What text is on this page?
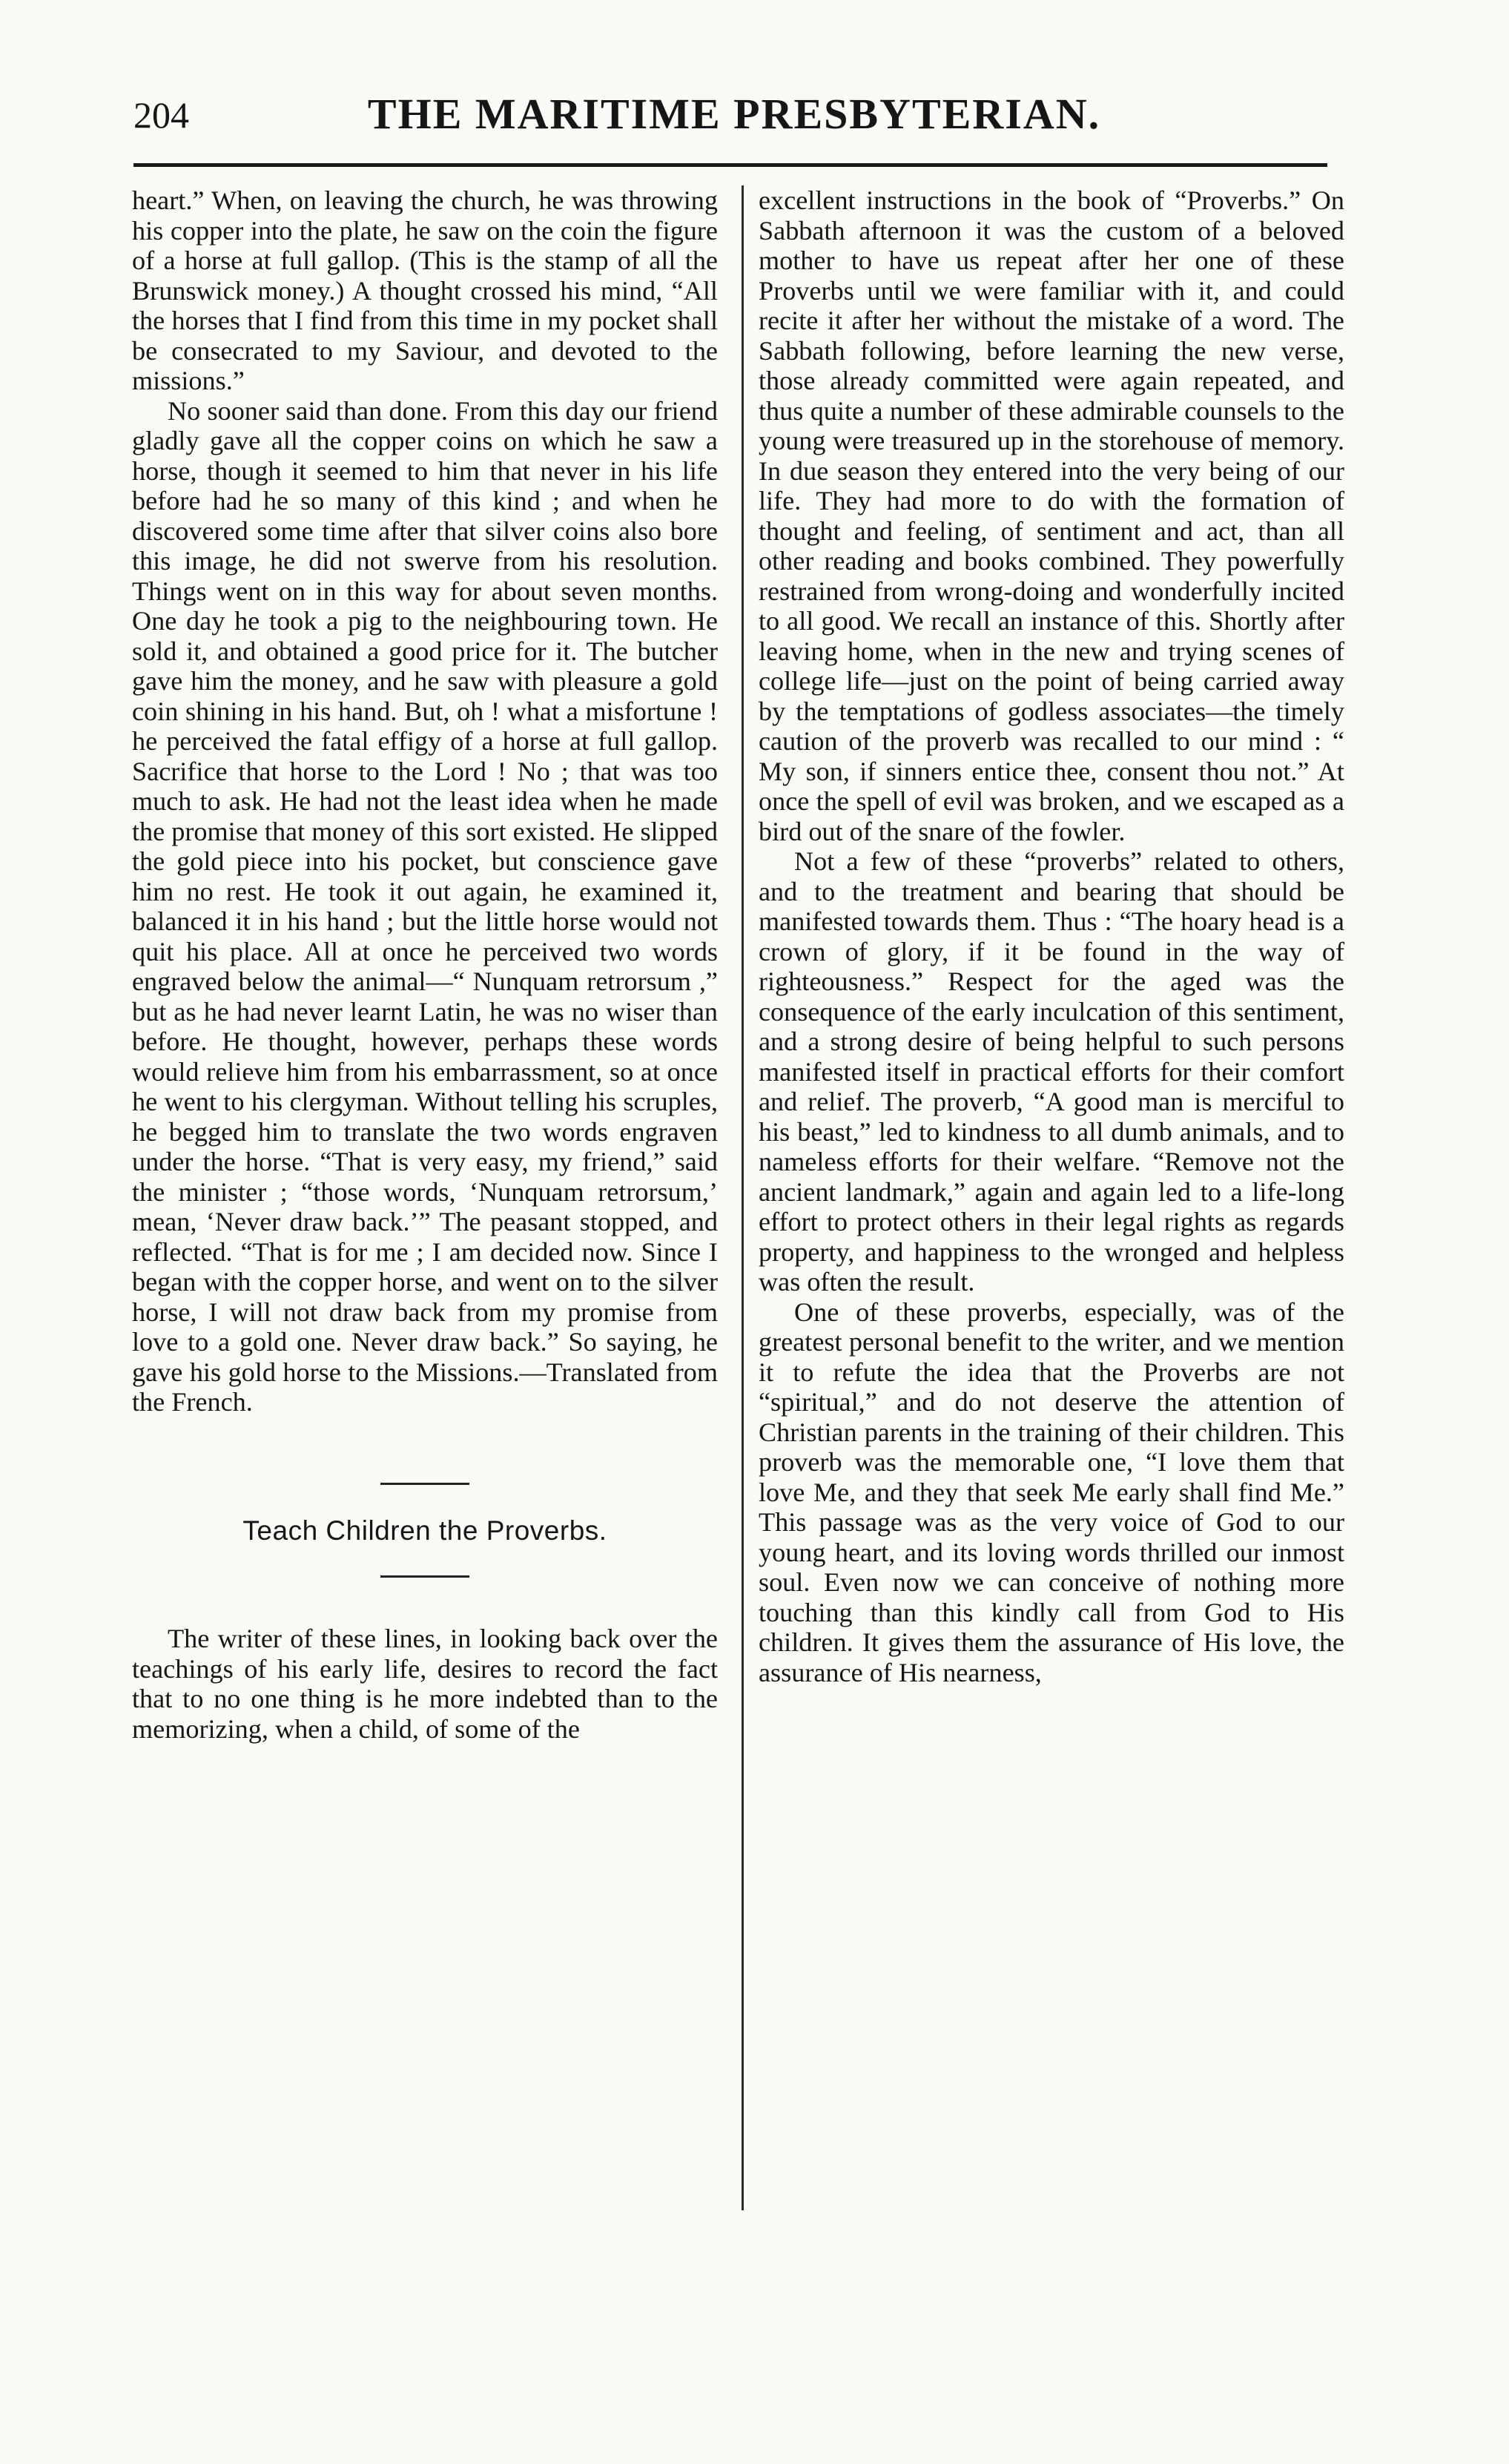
204	THE MARITIME PRESBYTERIAN.

heart.” When, on leaving the church, he was throwing his copper into the plate, he saw on the coin the figure of a horse at full gallop. (This is the stamp of all the Brunswick money.) A thought crossed his mind, “All the horses that I find from this time in my pocket shall be consecrated to my Saviour, and devoted to the missions.”

No sooner said than done. From this day our friend gladly gave all the copper coins on which he saw a horse, though it seemed to him that never in his life before had he so many of this kind ; and when he discovered some time after that silver coins also bore this image, he did not swerve from his resolution. Things went on in this way for about seven months. One day he took a pig to the neighbouring town. He sold it, and obtained a good price for it. The butcher gave him the money, and he saw with pleasure a gold coin shining in his hand. But, oh ! what a misfortune ! he perceived the fatal effigy of a horse at full gallop. Sacrifice that horse to the Lord ! No ; that was too much to ask. He had not the least idea when he made the promise that money of this sort existed. He slipped the gold piece into his pocket, but conscience gave him no rest. He took it out again, he examined it, balanced it in his hand ; but the little horse would not quit his place. All at once he perceived two words engraved below the animal—“ Nunquam retrorsum ,” but as he had never learnt Latin, he was no wiser than before. He thought, however, perhaps these words would relieve him from his embarrassment, so at once he went to his clergyman. Without telling his scruples, he begged him to translate the two words engraven under the horse. “That is very easy, my friend,” said the minister ; “those words, ‘Nunquam retrorsum,’ mean, ‘Never draw back.’” The peasant stopped, and reflected. “That is for me ; I am decided now. Since I began with the copper horse, and went on to the silver horse, I will not draw back from my promise from love to a gold one. Never draw back.” So saying, he gave his gold horse to the Missions.—Translated from the French.

Teach Children the Proverbs.

The writer of these lines, in looking back over the teachings of his early life, desires to record the fact that to no one thing is he more indebted than to the memorizing, when a child, of some of the

excellent instructions in the book of “Proverbs.” On Sabbath afternoon it was the custom of a beloved mother to have us repeat after her one of these Proverbs until we were familiar with it, and could recite it after her without the mistake of a word. The Sabbath following, before learning the new verse, those already committed were again repeated, and thus quite a number of these admirable counsels to the young were treasured up in the storehouse of memory. In due season they entered into the very being of our life. They had more to do with the formation of thought and feeling, of sentiment and act, than all other reading and books combined. They powerfully restrained from wrong-doing and wonderfully incited to all good. We recall an instance of this. Shortly after leaving home, when in the new and trying scenes of college life—just on the point of being carried away by the temptations of godless associates—the timely caution of the proverb was recalled to our mind : “ My son, if sinners entice thee, consent thou not.” At once the spell of evil was broken, and we escaped as a bird out of the snare of the fowler.

Not a few of these “proverbs” related to others, and to the treatment and bearing that should be manifested towards them. Thus : “The hoary head is a crown of glory, if it be found in the way of righteousness.” Respect for the aged was the consequence of the early inculcation of this sentiment, and a strong desire of being helpful to such persons manifested itself in practical efforts for their comfort and relief. The proverb, “A good man is merciful to his beast,” led to kindness to all dumb animals, and to nameless efforts for their welfare. “Remove not the ancient landmark,” again and again led to a life-long effort to protect others in their legal rights as regards property, and happiness to the wronged and helpless was often the result.

One of these proverbs, especially, was of the greatest personal benefit to the writer, and we mention it to refute the idea that the Proverbs are not “spiritual,” and do not deserve the attention of Christian parents in the training of their children. This proverb was the memorable one, “I love them that love Me, and they that seek Me early shall find Me.” This passage was as the very voice of God to our young heart, and its loving words thrilled our inmost soul. Even now we can conceive of nothing more touching than this kindly call from God to His children. It gives them the assurance of His love, the assurance of His nearness,
